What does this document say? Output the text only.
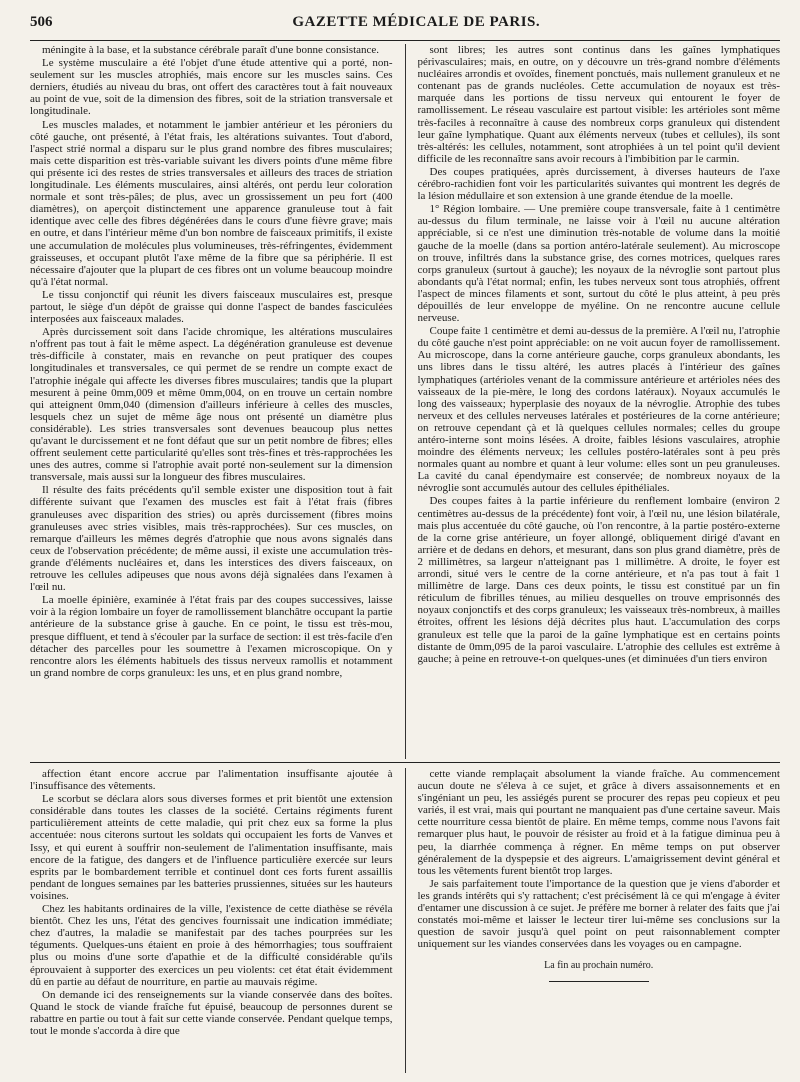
506	GAZETTE MÉDICALE DE PARIS.

méningite à la base, et la substance cérébrale paraît d'une bonne consistance.

Le système musculaire a été l'objet d'une étude attentive qui a porté, non-seulement sur les muscles atrophiés, mais encore sur les muscles sains. Ces derniers, étudiés au niveau du bras, ont offert des caractères tout à fait nouveaux au point de vue, soit de la dimension des fibres, soit de la striation transversale et longitudinale.

Les muscles malades, et notamment le jambier antérieur et les péroniers du côté gauche, ont présenté, à l'état frais, les altérations suivantes. Tout d'abord, l'aspect strié normal a disparu sur le plus grand nombre des fibres musculaires; mais cette disparition est très-variable suivant les divers points d'une même fibre qui présente ici des restes de stries transversales et ailleurs des traces de striation longitudinale. Les éléments musculaires, ainsi altérés, ont perdu leur coloration normale et sont très-pâles; de plus, avec un grossissement un peu fort (400 diamètres), on aperçoit distinctement une apparence granuleuse tout à fait identique avec celle des fibres dégénérées dans le cours d'une fièvre grave; mais en outre, et dans l'intérieur même d'un bon nombre de faisceaux primitifs, il existe une accumulation de molécules plus volumineuses, très-réfringentes, évidemment graisseuses, et occupant plutôt l'axe même de la fibre que sa périphérie. Il est nécessaire d'ajouter que la plupart de ces fibres ont un volume beaucoup moindre qu'à l'état normal.

Le tissu conjonctif qui réunit les divers faisceaux musculaires est, presque partout, le siège d'un dépôt de graisse qui donne l'aspect de bandes fasciculées interposées aux faisceaux malades.

Après durcissement soit dans l'acide chromique, les altérations musculaires n'offrent pas tout à fait le même aspect. La dégénération granuleuse est devenue très-difficile à constater, mais en revanche on peut pratiquer des coupes longitudinales et transversales, ce qui permet de se rendre un compte exact de l'atrophie inégale qui affecte les diverses fibres musculaires; tandis que la plupart mesurent à peine 0mm,009 et même 0mm,004, on en trouve un certain nombre qui atteignent 0mm,040 (dimension d'ailleurs inférieure à celles des muscles, lesquels chez un sujet de même âge nous ont présenté un diamètre plus considérable). Les stries transversales sont devenues beaucoup plus nettes qu'avant le durcissement et ne font défaut que sur un petit nombre de fibres; elles offrent seulement cette particularité qu'elles sont très-fines et très-rapprochées les unes des autres, comme si l'atrophie avait porté non-seulement sur la dimension transversale, mais aussi sur la longueur des fibres musculaires.

Il résulte des faits précédents qu'il semble exister une disposition tout à fait différente suivant que l'examen des muscles est fait à l'état frais (fibres granuleuses avec disparition des stries) ou après durcissement (fibres moins granuleuses avec stries visibles, mais très-rapprochées). Sur ces muscles, on remarque d'ailleurs les mêmes degrés d'atrophie que nous avons signalés dans ceux de l'observation précédente; de même aussi, il existe une accumulation très-grande d'éléments nucléaires et, dans les interstices des divers faisceaux, on retrouve les cellules adipeuses que nous avons déjà signalées dans l'examen à l'œil nu.

La moelle épinière, examinée à l'état frais par des coupes successives, laisse voir à la région lombaire un foyer de ramollissement blanchâtre occupant la partie antérieure de la substance grise à gauche. En ce point, le tissu est très-mou, presque diffluent, et tend à s'écouler par la surface de section: il est très-facile d'en détacher des parcelles pour les soumettre à l'examen microscopique. On y rencontre alors les éléments habituels des tissus nerveux ramollis et notamment un grand nombre de corps granuleux: les uns, et en plus grand nombre,

sont libres; les autres sont continus dans les gaînes lymphatiques périvasculaires; mais, en outre, on y découvre un très-grand nombre d'éléments nucléaires arrondis et ovoïdes, finement ponctués, mais nullement granuleux et ne contenant pas de grands nucléoles. Cette accumulation de noyaux est très-marquée dans les portions de tissu nerveux qui entourent le foyer de ramollissement. Le réseau vasculaire est partout visible: les artérioles sont même très-faciles à reconnaître à cause des nombreux corps granuleux qui distendent leur gaîne lymphatique. Quant aux éléments nerveux (tubes et cellules), ils sont très-altérés: les cellules, notamment, sont atrophiées à un tel point qu'il devient difficile de les reconnaître sans avoir recours à l'imbibition par le carmin.

Des coupes pratiquées, après durcissement, à diverses hauteurs de l'axe cérébro-rachidien font voir les particularités suivantes qui montrent les degrés de la lésion médullaire et son extension à une grande étendue de la moelle.

1° Région lombaire. — Une première coupe transversale, faite à 1 centimètre au-dessus du filum terminale, ne laisse voir à l'œil nu aucune altération appréciable, si ce n'est une diminution très-notable de volume dans la moitié gauche de la moelle (dans sa portion antéro-latérale seulement). Au microscope on trouve, infiltrés dans la substance grise, des cornes motrices, quelques rares corps granuleux (surtout à gauche); les noyaux de la névroglie sont partout plus abondants qu'à l'état normal; enfin, les tubes nerveux sont tous atrophiés, offrent l'aspect de minces filaments et sont, surtout du côté le plus atteint, à peu près dépouillés de leur enveloppe de myéline. On ne rencontre aucune cellule nerveuse.

Coupe faite 1 centimètre et demi au-dessus de la première. A l'œil nu, l'atrophie du côté gauche n'est point appréciable: on ne voit aucun foyer de ramollissement. Au microscope, dans la corne antérieure gauche, corps granuleux abondants, les uns libres dans le tissu altéré, les autres placés à l'intérieur des gaînes lymphatiques (artérioles venant de la commissure antérieure et artérioles nées des vaisseaux de la pie-mère, le long des cordons latéraux). Noyaux accumulés le long des vaisseaux; hyperplasie des noyaux de la névroglie. Atrophie des tubes nerveux et des cellules nerveuses latérales et postérieures de la corne antérieure; on retrouve cependant çà et là quelques cellules normales; celles du groupe antéro-interne sont moins lésées. A droite, faibles lésions vasculaires, atrophie moindre des éléments nerveux; les cellules postéro-latérales sont à peu près normales quant au nombre et quant à leur volume: elles sont un peu granuleuses. La cavité du canal épendymaire est conservée; de nombreux noyaux de la névroglie sont accumulés autour des cellules épithéliales.

Des coupes faites à la partie inférieure du renflement lombaire (environ 2 centimètres au-dessus de la précédente) font voir, à l'œil nu, une lésion bilatérale, mais plus accentuée du côté gauche, où l'on rencontre, à la partie postéro-externe de la corne grise antérieure, un foyer allongé, obliquement dirigé d'avant en arrière et de dedans en dehors, et mesurant, dans son plus grand diamètre, près de 2 millimètres, sa largeur n'atteignant pas 1 millimètre. A droite, le foyer est arrondi, situé vers le centre de la corne antérieure, et n'a pas tout à fait 1 millimètre de large. Dans ces deux points, le tissu est constitué par un fin réticulum de fibrilles ténues, au milieu desquelles on trouve emprisonnés des noyaux conjonctifs et des corps granuleux; les vaisseaux très-nombreux, à mailles étroites, offrent les lésions déjà décrites plus haut. L'accumulation des corps granuleux est telle que la paroi de la gaîne lymphatique est en certains points distante de 0mm,095 de la paroi vasculaire. L'atrophie des cellules est extrême à gauche; à peine en retrouve-t-on quelques-unes (et diminuées d'un tiers environ

affection étant encore accrue par l'alimentation insuffisante ajoutée à l'insuffisance des vêtements.

Le scorbut se déclara alors sous diverses formes et prit bientôt une extension considérable dans toutes les classes de la société. Certains régiments furent particulièrement atteints de cette maladie, qui prit chez eux sa forme la plus accentuée: nous citerons surtout les soldats qui occupaient les forts de Vanves et Issy, et qui eurent à souffrir non-seulement de l'alimentation insuffisante, mais encore de la fatigue, des dangers et de l'influence particulière exercée sur leurs esprits par le bombardement terrible et continuel dont ces forts furent assaillis pendant de longues semaines par les batteries prussiennes, situées sur les hauteurs voisines.

Chez les habitants ordinaires de la ville, l'existence de cette diathèse se révéla bientôt. Chez les uns, l'état des gencives fournissait une indication immédiate; chez d'autres, la maladie se manifestait par des taches pourprées sur les téguments. Quelques-uns étaient en proie à des hémorrhagies; tous souffraient plus ou moins d'une sorte d'apathie et de la difficulté considérable qu'ils éprouvaient à supporter des exercices un peu violents: cet état était évidemment dû en partie au défaut de nourriture, en partie au mauvais régime.

On demande ici des renseignements sur la viande conservée dans des boîtes. Quand le stock de viande fraîche fut épuisé, beaucoup de personnes durent se rabattre en partie ou tout à fait sur cette viande conservée. Pendant quelque temps, tout le monde s'accorda à dire que

cette viande remplaçait absolument la viande fraîche. Au commencement aucun doute ne s'éleva à ce sujet, et grâce à divers assaisonnements et en s'ingéniant un peu, les assiégés purent se procurer des repas peu copieux et peu variés, il est vrai, mais qui pourtant ne manquaient pas d'une certaine saveur. Mais cette nourriture cessa bientôt de plaire. En même temps, comme nous l'avons fait remarquer plus haut, le pouvoir de résister au froid et à la fatigue diminua peu à peu, la diarrhée commença à régner. En même temps on put observer généralement de la dyspepsie et des aigreurs. L'amaigrissement devint général et tous les vêtements furent bientôt trop larges.

Je sais parfaitement toute l'importance de la question que je viens d'aborder et les grands intérêts qui s'y rattachent; c'est précisément là ce qui m'engage à éviter d'entamer une discussion à ce sujet. Je préfère me borner à relater des faits que j'ai constatés moi-même et laisser le lecteur tirer lui-même ses conclusions sur la question de savoir jusqu'à quel point on peut raisonnablement compter uniquement sur les viandes conservées dans les voyages ou en campagne.

La fin au prochain numéro.
